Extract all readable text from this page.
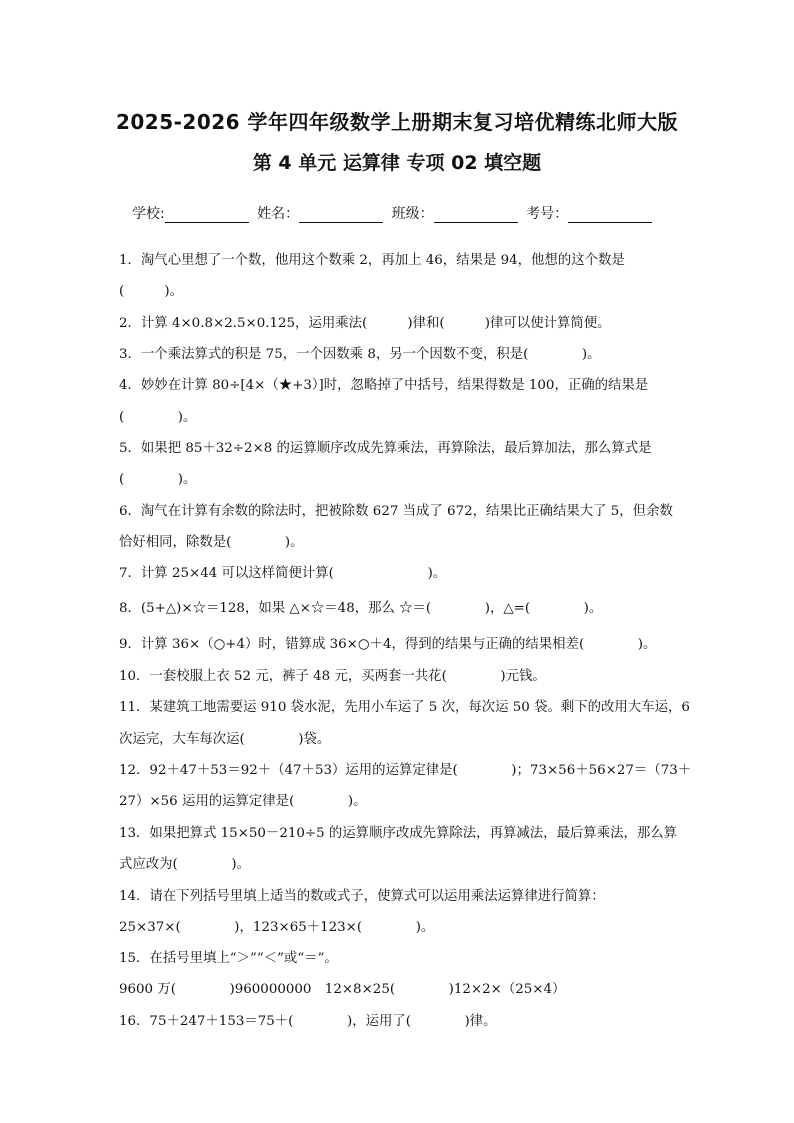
2025-2026 学年四年级数学上册期末复习培优精练北师大版
第 4 单元 运算律 专项 02 填空题
学校:	姓名：	班级：	考号：
1．淘气心里想了一个数，他用这个数乘 2，再加上 46，结果是 94，他想的这个数是
(　　　)。
2．计算 4×0.8×2.5×0.125，运用乘法(　　　)律和(　　　)律可以使计算简便。
3．一个乘法算式的积是 75，一个因数乘 8，另一个因数不变，积是(　　　　)。
4．妙妙在计算 80÷[4×（★+3）]时，忽略掉了中括号，结果得数是 100，正确的结果是
(　　　　)。
5．如果把 85＋32÷2×8 的运算顺序改成先算乘法，再算除法，最后算加法，那么算式是
(　　　　)。
6．淘气在计算有余数的除法时，把被除数 627 当成了 672，结果比正确结果大了 5，但余数
恰好相同，除数是(　　　　)。
7．计算 25×44 可以这样简便计算(　　　　　　　)。
8．(5+△)×☆＝128，如果 △×☆＝48，那么 ☆＝(　　　　)，△=(　　　　)。
9．计算 36×（○+4）时，错算成 36×○＋4，得到的结果与正确的结果相差(　　　　)。
10．一套校服上衣 52 元，裤子 48 元，买两套一共花(　　　　)元钱。
11．某建筑工地需要运 910 袋水泥，先用小车运了 5 次，每次运 50 袋。剩下的改用大车运，6
次运完，大车每次运(　　　　)袋。
12．92＋47＋53＝92＋（47＋53）运用的运算定律是(　　　　)；73×56＋56×27＝（73＋
27）×56 运用的运算定律是(　　　　)。
13．如果把算式 15×50－210÷5 的运算顺序改成先算除法，再算减法，最后算乘法，那么算
式应改为(　　　　)。
14．请在下列括号里填上适当的数或式子，使算式可以运用乘法运算律进行简算：
25×37×(　　　　)，123×65＋123×(　　　　)。
15．在括号里填上“＞”“＜”或“＝”。
9600 万(　　　　)960000000　12×8×25(　　　　)12×2×（25×4）
16．75＋247＋153＝75＋(　　　　)，运用了(　　　　)律。
